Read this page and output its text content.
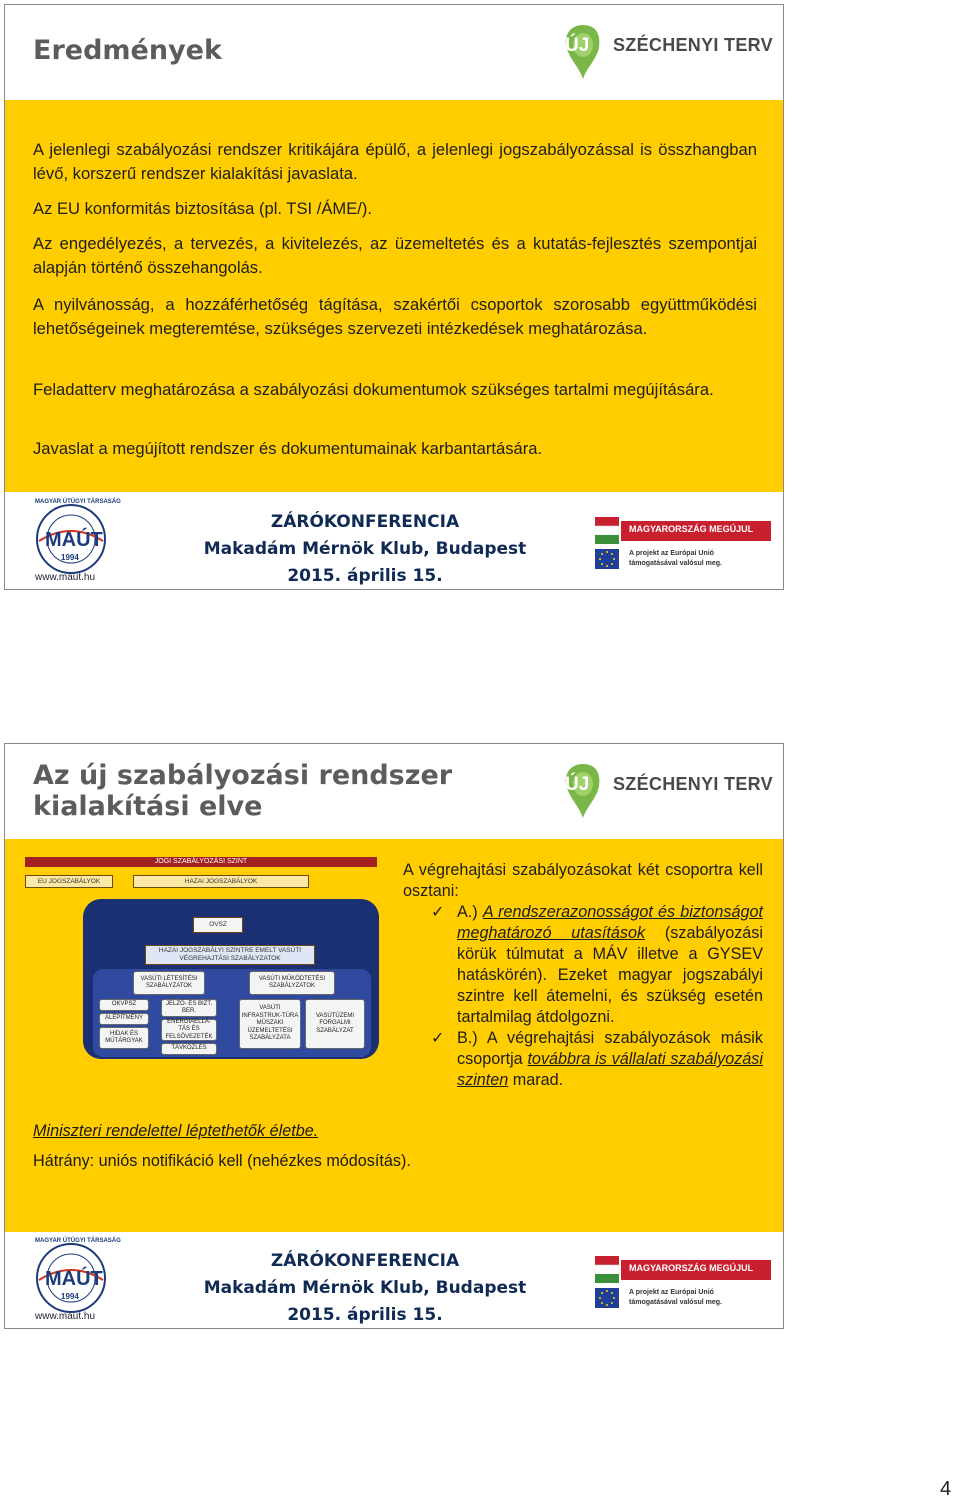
Eredmények	ÚJ SZÉCHENYI TERV
A jelenlegi szabályozási rendszer kritikájára épülő, a jelenlegi jogszabályozással is összhangban lévő, korszerű rendszer kialakítási javaslata.
Az EU konformitás biztosítása (pl. TSI /ÁME/).
Az engedélyezés, a tervezés, a kivitelezés, az üzemeltetés és a kutatás-fejlesztés szempontjai alapján történő összehangolás.
A nyilvánosság, a hozzáférhetőség tágítása, szakértői csoportok szorosabb együttműködési lehetőségeinek megteremtése, szükséges szervezeti intézkedések meghatározása.
Feladatterv meghatározása a szabályozási dokumentumok szükséges tartalmi megújítására.
Javaslat a megújított rendszer és dokumentumainak karbantartására.
MAÚT
1994
MAGYAR ÚTÜGYI TÁRSASÁG
www.maut.hu
ZÁRÓKONFERENCIA
Makadám Mérnök Klub, Budapest
2015. április 15.
MAGYARORSZÁG MEGÚJUL
A projekt az Európai Unió
támogatásával valósul meg.
Az új szabályozási rendszer
kialakítási elve
ÚJ SZÉCHENYI TERV
JOGI SZABÁLYOZÁSI SZINT
EU JOGSZABÁLYOK	HAZAI JOGSZABÁLYOK
OVSZ
HAZAI JOGSZABÁLYI SZINTRE EMELT VASÚTI VÉGREHAJTÁSI SZABÁLYZATOK
VASÚTI LÉTESÍTÉSI SZABÁLYZATOK
VASÚTI MŰKÖDTETÉSI SZABÁLYZATOK
OKVPSZ
ALÉPÍTMÉNY
HIDAK ÉS MŰTÁRGYAK
JELZŐ- ÉS BIZT. BER.
ENERGIAELLÁ-TÁS ÉS FELSŐVEZETÉK
TÁVKÖZLÉS
VASÚTI INFRASTRUK-TÚRA MŰSZAKI ÜZEMELTETÉSI SZABÁLYZATA
VASÚTÜZEMI FORGALMI SZABÁLYZAT
A végrehajtási szabályozásokat két csoportra kell osztani:
✓ A.) A rendszerazonosságot és biztonságot meghatározó utasítások (szabályozási körük túlmutat a MÁV illetve a GYSEV hatáskörén). Ezeket magyar jogszabályi szintre kell átemelni, és szükség esetén tartalmilag átdolgozni.
✓ B.) A végrehajtási szabályozások másik csoportja továbbra is vállalati szabályozási szinten marad.
Miniszteri rendelettel léptethetők életbe.
Hátrány: uniós notifikáció kell (nehézkes módosítás).
MAÚT
1994
MAGYAR ÚTÜGYI TÁRSASÁG
www.maut.hu
ZÁRÓKONFERENCIA
Makadám Mérnök Klub, Budapest
2015. április 15.
MAGYARORSZÁG MEGÚJUL
A projekt az Európai Unió
támogatásával valósul meg.
4
